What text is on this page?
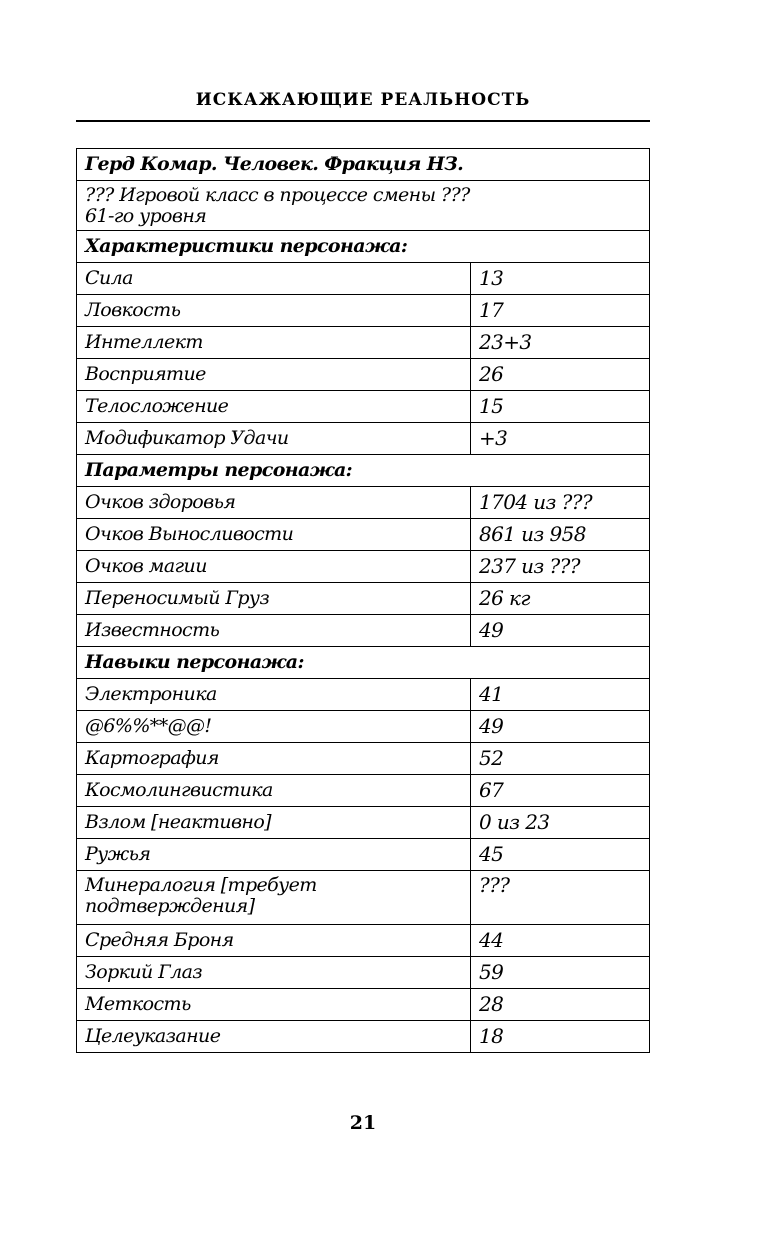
ИСКАЖАЮЩИЕ РЕАЛЬНОСТЬ
Герд Комар. Человек. Фракция НЗ.	

??? Игровой класс в процессе смены ???
61-го уровня	

Характеристики персонажа:	
Сила	13
Ловкость	17
Интеллект	23+3
Восприятие	26
Телосложение	15
Модификатор Удачи	+3
Параметры персонажа:	
Очков здоровья	1704 из ???
Очков Выносливости	861 из 958
Очков магии	237 из ???
Переносимый Груз	26 кг
Известность	49
Навыки персонажа:	
Электроника	41
@6%%**@@!	49
Картография	52
Космолингвистика	67
Взлом [неактивно]	0 из 23
Ружья	45
Минералогия [требует подтверждения]	???
Средняя Броня	44
Зоркий Глаз	59
Меткость	28
Целеуказание	18
21
